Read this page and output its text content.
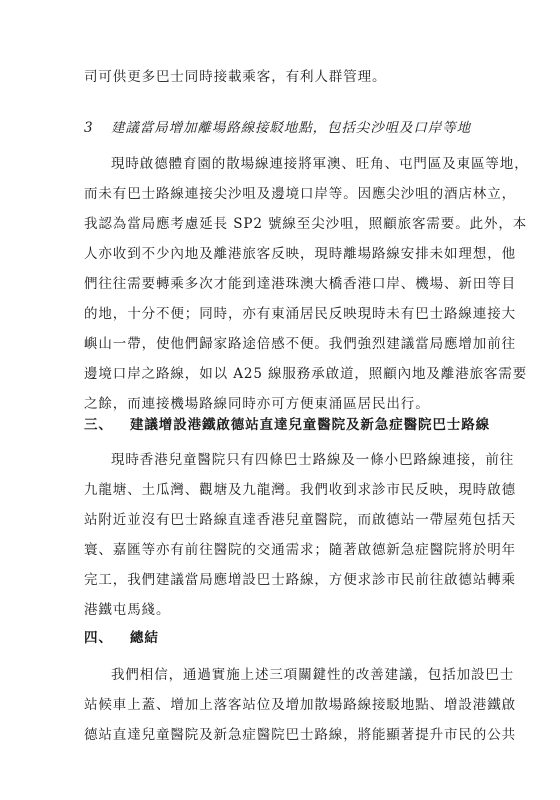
司可供更多巴士同時接載乘客，有利人群管理。
3 建議當局增加離場路線接駁地點，包括尖沙咀及口岸等地
現時啟德體育園的散場線連接將軍澳、旺角、屯門區及東區等地，
而未有巴士路線連接尖沙咀及邊境口岸等。因應尖沙咀的酒店林立，
我認為當局應考慮延長 SP2 號線至尖沙咀，照顧旅客需要。此外，本
人亦收到不少內地及離港旅客反映，現時離場路線安排未如理想，他
們往往需要轉乘多次才能到達港珠澳大橋香港口岸、機場、新田等目
的地，十分不便；同時，亦有東涌居民反映現時未有巴士路線連接大
嶼山一帶，使他們歸家路途倍感不便。我們強烈建議當局應增加前往
邊境口岸之路線，如以 A25 線服務承啟道，照顧內地及離港旅客需要
之餘，而連接機場路線同時亦可方便東涌區居民出行。
三、 建議增設港鐵啟德站直達兒童醫院及新急症醫院巴士路線
現時香港兒童醫院只有四條巴士路線及一條小巴路線連接，前往
九龍塘、土瓜灣、觀塘及九龍灣。我們收到求診市民反映，現時啟德
站附近並沒有巴士路線直達香港兒童醫院，而啟德站一帶屋苑包括天
寰、嘉匯等亦有前往醫院的交通需求；隨著啟德新急症醫院將於明年
完工，我們建議當局應增設巴士路線，方便求診市民前往啟德站轉乘
港鐵屯馬綫。
四、 總結
我們相信，通過實施上述三項關鍵性的改善建議，包括加設巴士
站候車上蓋、增加上落客站位及增加散場路線接駁地點、增設港鐵啟
德站直達兒童醫院及新急症醫院巴士路線，將能顯著提升市民的公共
